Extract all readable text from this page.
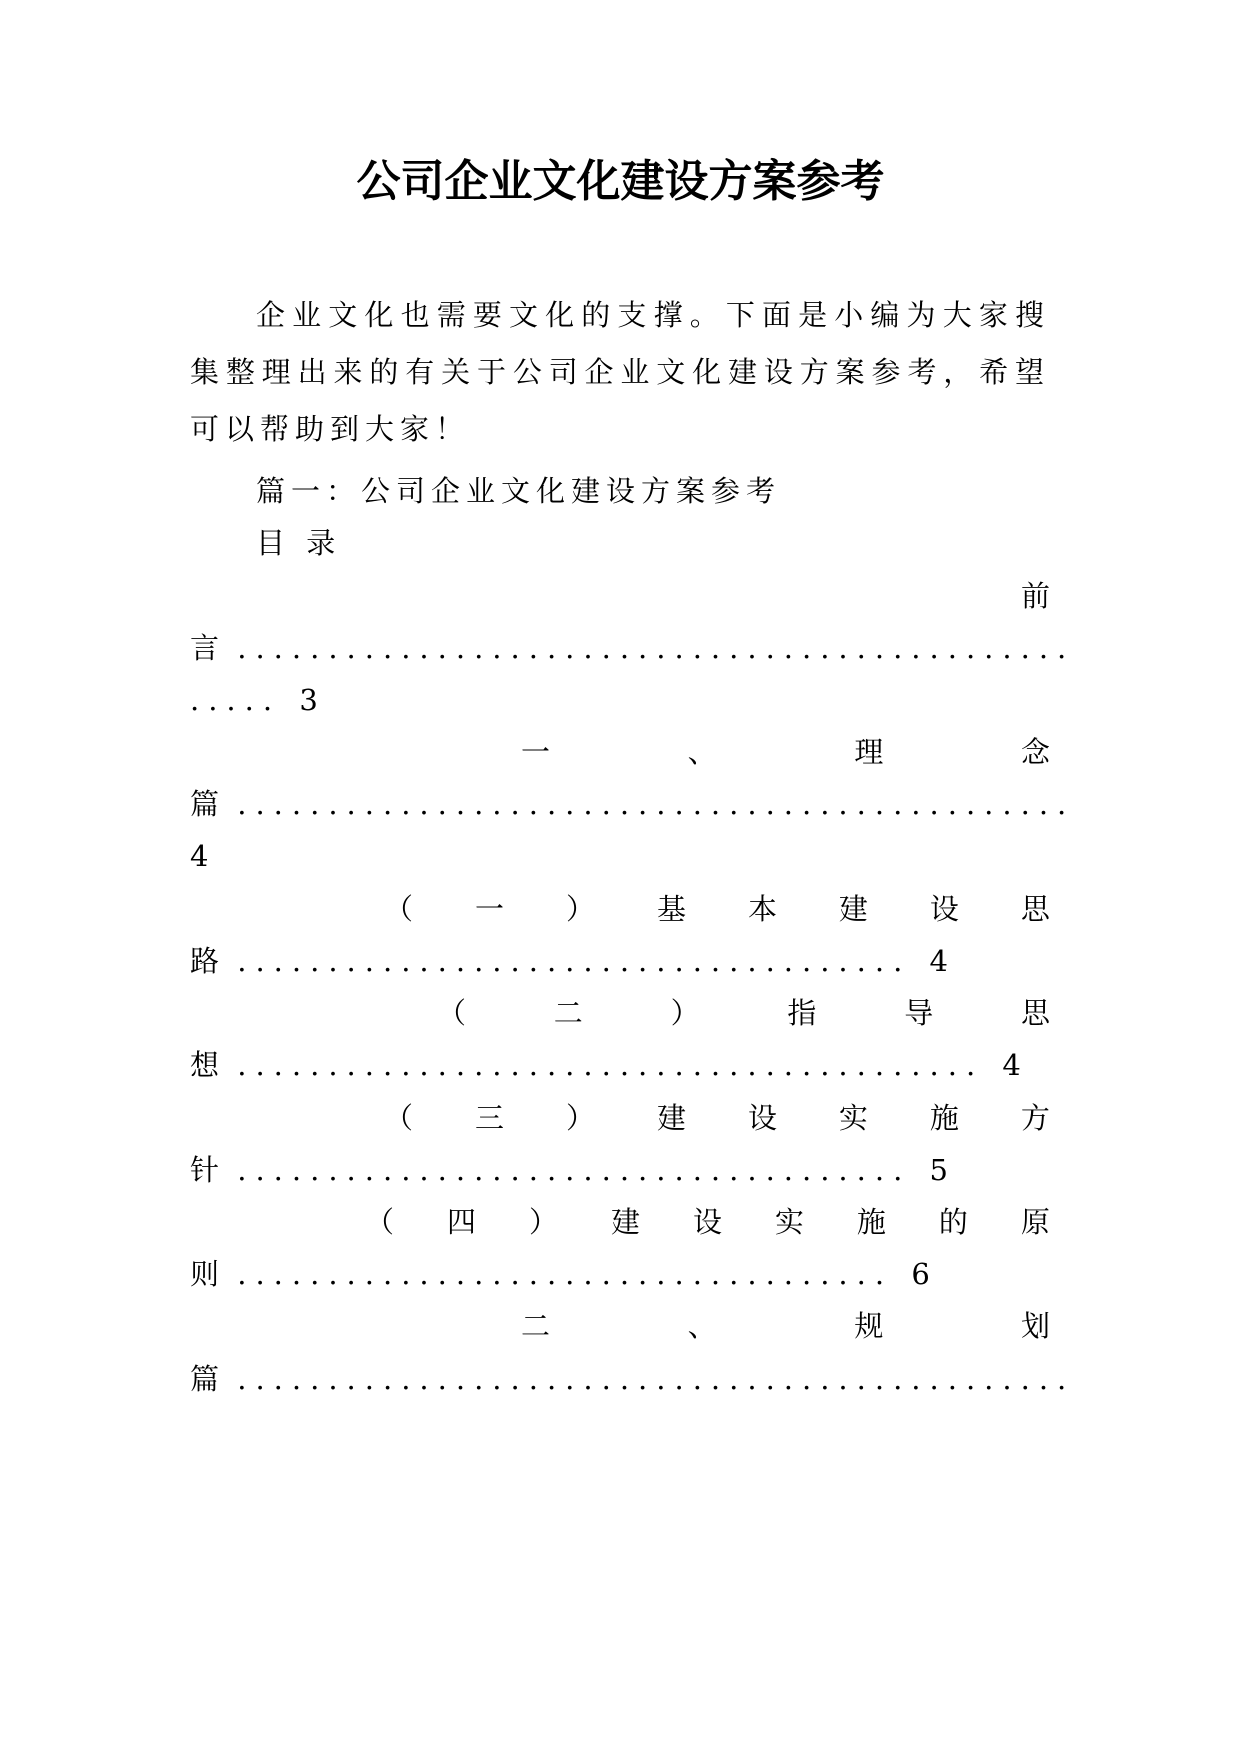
公司企业文化建设方案参考
企业文化也需要文化的支撑。下面是小编为大家搜集整理出来的有关于公司企业文化建设方案参考，希望可以帮助到大家！
篇一：公司企业文化建设方案参考
目 录
前
言 ..............................................
..... 3
一	、	理	念
篇 ..............................................
4
（ 一 ） 基 本 建 设 思
路 ..................................... 4
（	二	）	指	导	思
想 ......................................... 4
（ 三 ） 建 设 实 施 方
针 ..................................... 5
（ 四 ） 建 设 实 施 的 原
则 .................................... 6
二	、	规	划
篇 ..............................................
